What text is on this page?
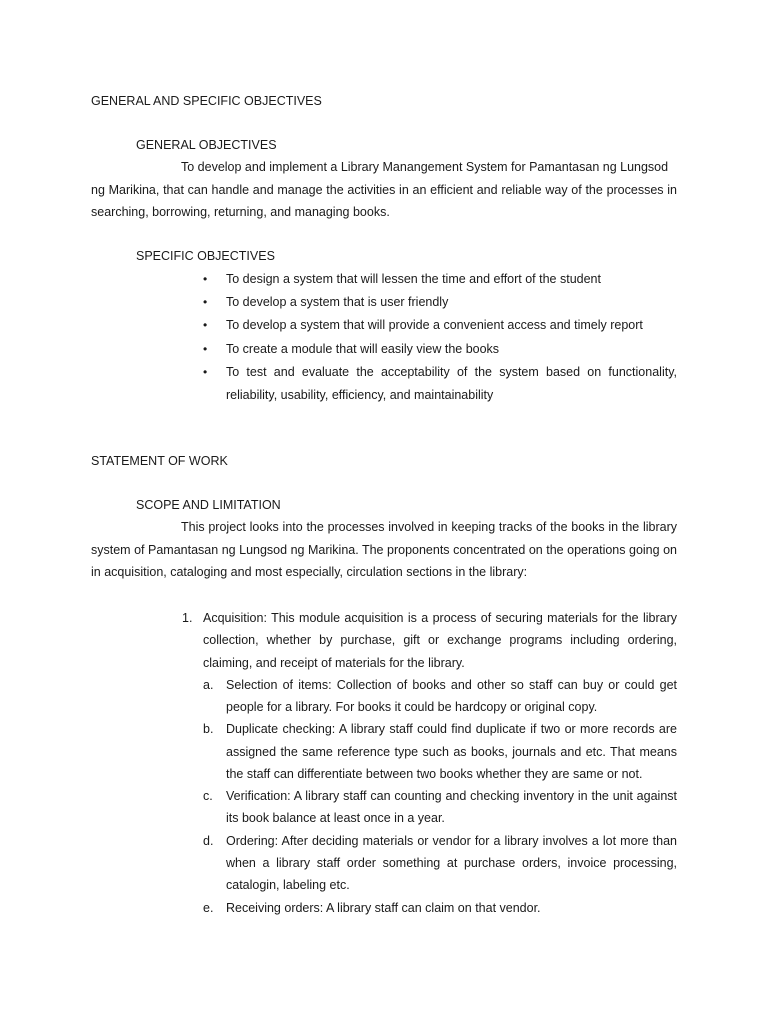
GENERAL AND SPECIFIC OBJECTIVES

GENERAL OBJECTIVES

To develop and implement a Library Manangement System for Pamantasan ng Lungsod

ng Marikina, that can handle and manage the activities in an efficient and reliable way of the processes in

searching, borrowing, returning, and managing books.

SPECIFIC OBJECTIVES

• To design a system that will lessen the time and effort of the student

• To develop a system that is user friendly

• To develop a system that will provide a convenient access and timely report

• To create a module that will easily view the books

• To test and evaluate the acceptability of the system based on functionality,

reliability, usability, efficiency, and maintainability

STATEMENT OF WORK

SCOPE AND LIMITATION

This project looks into the processes involved in keeping tracks of the books in the library

system of Pamantasan ng Lungsod ng Marikina. The proponents concentrated on the operations going on

in acquisition, cataloging and most especially, circulation sections in the library:

1. Acquisition: This module acquisition is a process of securing materials for the library

collection, whether by purchase, gift or exchange programs including ordering,

claiming, and receipt of materials for the library.

a. Selection of items: Collection of books and other so staff can buy or could get

people for a library. For books it could be hardcopy or original copy.

b. Duplicate checking: A library staff could find duplicate if two or more records are

assigned the same reference type such as books, journals and etc. That means

the staff can differentiate between two books whether they are same or not.

c. Verification: A library staff can counting and checking inventory in the unit against

its book balance at least once in a year.

d. Ordering: After deciding materials or vendor for a library involves a lot more than

when a library staff order something at purchase orders, invoice processing,

catalogin, labeling etc.

e. Receiving orders: A library staff can claim on that vendor.
